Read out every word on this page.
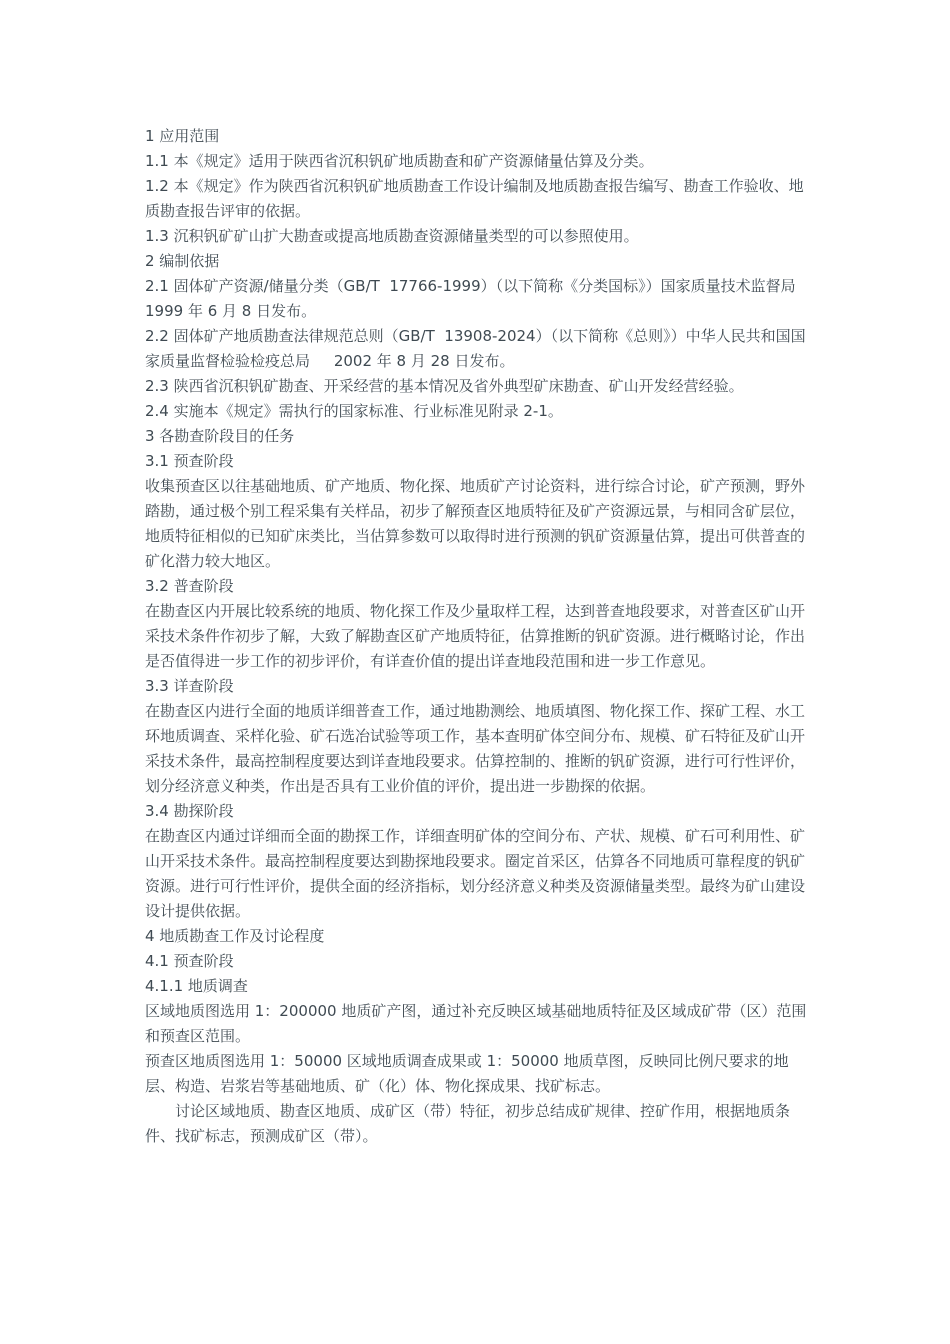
1 应用范围

1.1 本《规定》适用于陕西省沉积钒矿地质勘查和矿产资源储量估算及分类。

1.2 本《规定》作为陕西省沉积钒矿地质勘查工作设计编制及地质勘查报告编写、勘查工作验收、地质勘查报告评审的依据。

1.3 沉积钒矿矿山扩大勘查或提高地质勘查资源储量类型的可以参照使用。

2 编制依据

2.1 固体矿产资源/储量分类（GB/T  17766-1999）（以下简称《分类国标》）国家质量技术监督局     1999 年 6 月 8 日发布。

2.2 固体矿产地质勘查法律规范总则（GB/T  13908-2024）（以下简称《总则》）中华人民共和国国家质量监督检验检疫总局     2002 年 8 月 28 日发布。

2.3 陕西省沉积钒矿勘查、开采经营的基本情况及省外典型矿床勘查、矿山开发经营经验。

2.4 实施本《规定》需执行的国家标准、行业标准见附录 2-1。

3 各勘查阶段目的任务

3.1 预查阶段

收集预查区以往基础地质、矿产地质、物化探、地质矿产讨论资料，进行综合讨论，矿产预测，野外踏勘，通过极个别工程采集有关样品，初步了解预查区地质特征及矿产资源远景，与相同含矿层位，地质特征相似的已知矿床类比，当估算参数可以取得时进行预测的钒矿资源量估算，提出可供普查的矿化潜力较大地区。

3.2 普查阶段

在勘查区内开展比较系统的地质、物化探工作及少量取样工程，达到普查地段要求，对普查区矿山开采技术条件作初步了解，大致了解勘查区矿产地质特征，估算推断的钒矿资源。进行概略讨论，作出是否值得进一步工作的初步评价，有详查价值的提出详查地段范围和进一步工作意见。

3.3 详查阶段

在勘查区内进行全面的地质详细普查工作，通过地勘测绘、地质填图、物化探工作、探矿工程、水工环地质调查、采样化验、矿石选冶试验等项工作，基本查明矿体空间分布、规模、矿石特征及矿山开采技术条件，最高控制程度要达到详查地段要求。估算控制的、推断的钒矿资源，进行可行性评价，划分经济意义种类，作出是否具有工业价值的评价，提出进一步勘探的依据。

3.4 勘探阶段

在勘查区内通过详细而全面的勘探工作，详细查明矿体的空间分布、产状、规模、矿石可利用性、矿山开采技术条件。最高控制程度要达到勘探地段要求。圈定首采区，估算各不同地质可靠程度的钒矿资源。进行可行性评价，提供全面的经济指标，划分经济意义种类及资源储量类型。最终为矿山建设设计提供依据。

4 地质勘查工作及讨论程度

4.1 预查阶段

4.1.1 地质调查

区域地质图选用 1：200000 地质矿产图，通过补充反映区域基础地质特征及区域成矿带（区）范围和预查区范围。

预查区地质图选用 1：50000 区域地质调查成果或 1：50000 地质草图，反映同比例尺要求的地层、构造、岩浆岩等基础地质、矿（化）体、物化探成果、找矿标志。

讨论区域地质、勘查区地质、成矿区（带）特征，初步总结成矿规律、控矿作用，根据地质条件、找矿标志，预测成矿区（带）。
